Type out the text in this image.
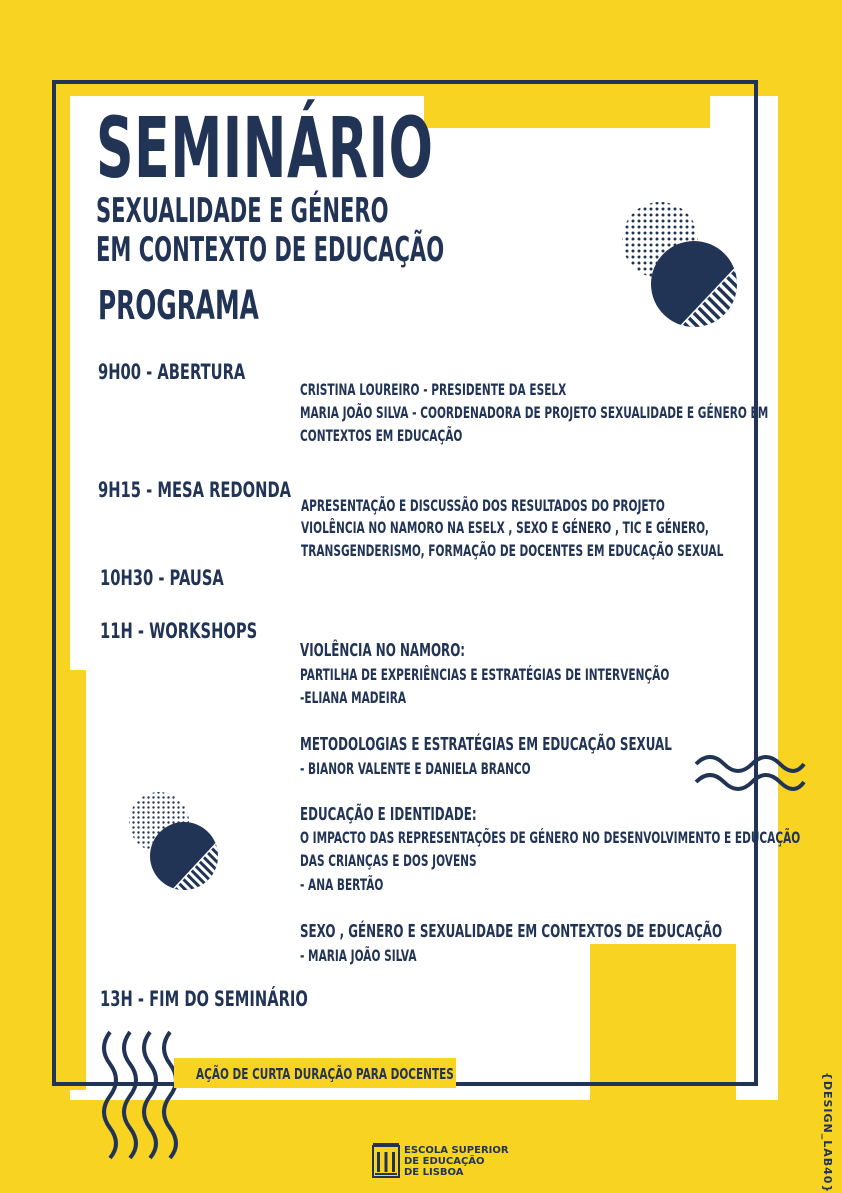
SEMINÁRIO
SEXUALIDADE E GÉNERO
EM CONTEXTO DE EDUCAÇÃO
PROGRAMA
9H00 - ABERTURA
CRISTINA LOUREIRO - PRESIDENTE DA ESELX
MARIA JOÃO SILVA - COORDENADORA DE PROJETO SEXUALIDADE E GÉNERO EM
CONTEXTOS EM EDUCAÇÃO
9H15 - MESA REDONDA
APRESENTAÇÃO E DISCUSSÃO DOS RESULTADOS DO PROJETO
VIOLÊNCIA NO NAMORO NA ESELX , SEXO E GÉNERO , TIC E GÉNERO,
TRANSGENDERISMO, FORMAÇÃO DE DOCENTES EM EDUCAÇÃO SEXUAL
10H30 - PAUSA
11H - WORKSHOPS
VIOLÊNCIA NO NAMORO:
PARTILHA DE EXPERIÊNCIAS E ESTRATÉGIAS DE INTERVENÇÃO
-ELIANA MADEIRA
METODOLOGIAS E ESTRATÉGIAS EM EDUCAÇÃO SEXUAL
- BIANOR VALENTE E DANIELA BRANCO
EDUCAÇÃO E IDENTIDADE:
O IMPACTO DAS REPRESENTAÇÕES DE GÉNERO NO DESENVOLVIMENTO E EDUCAÇÃO
DAS CRIANÇAS E DOS JOVENS
- ANA BERTÃO
SEXO , GÉNERO E SEXUALIDADE EM CONTEXTOS DE EDUCAÇÃO
- MARIA JOÃO SILVA
13H - FIM DO SEMINÁRIO
AÇÃO DE CURTA DURAÇÃO PARA DOCENTES	{DESIGN_LAB40}
ESCOLA SUPERIOR
DE EDUCAÇÃO
DE LISBOA
